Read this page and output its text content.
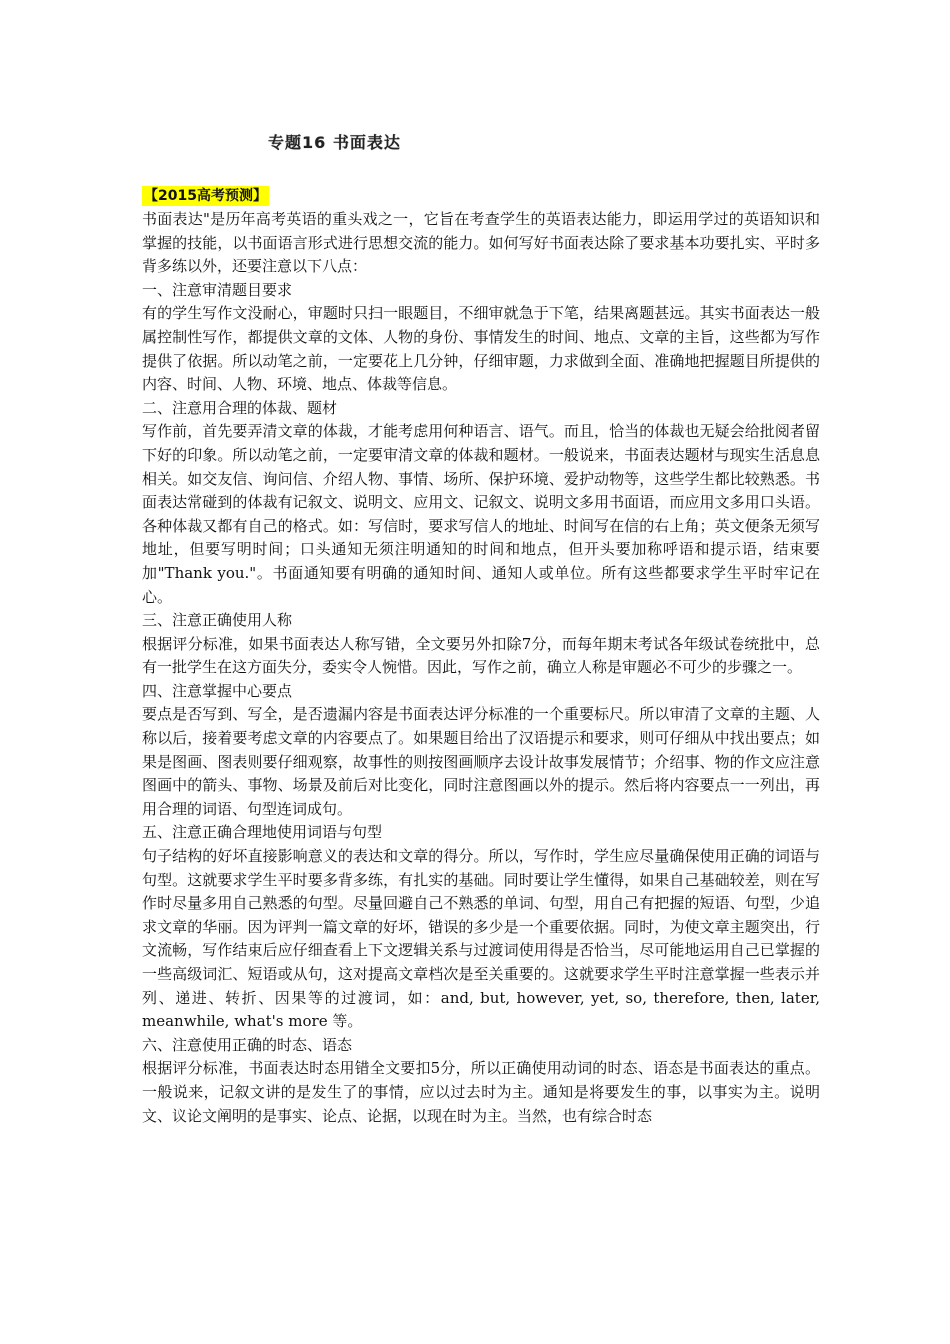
专题16 书面表达
【2015高考预测】

书面表达"是历年高考英语的重头戏之一，它旨在考查学生的英语表达能力，即运用学过的英语知识和掌握的技能，以书面语言形式进行思想交流的能力。如何写好书面表达除了要求基本功要扎实、平时多背多练以外，还要注意以下八点：

一、注意审清题目要求

有的学生写作文没耐心，审题时只扫一眼题目，不细审就急于下笔，结果离题甚远。其实书面表达一般属控制性写作，都提供文章的文体、人物的身份、事情发生的时间、地点、文章的主旨，这些都为写作提供了依据。所以动笔之前，一定要花上几分钟，仔细审题，力求做到全面、准确地把握题目所提供的内容、时间、人物、环境、地点、体裁等信息。

二、注意用合理的体裁、题材

写作前，首先要弄清文章的体裁，才能考虑用何种语言、语气。而且，恰当的体裁也无疑会给批阅者留下好的印象。所以动笔之前，一定要审清文章的体裁和题材。一般说来，书面表达题材与现实生活息息相关。如交友信、询问信、介绍人物、事情、场所、保护环境、爱护动物等，这些学生都比较熟悉。书面表达常碰到的体裁有记叙文、说明文、应用文、记叙文、说明文多用书面语，而应用文多用口头语。各种体裁又都有自己的格式。如：写信时，要求写信人的地址、时间写在信的右上角；英文便条无须写地址，但要写明时间；口头通知无须注明通知的时间和地点，但开头要加称呼语和提示语，结束要加"Thank you."。书面通知要有明确的通知时间、通知人或单位。所有这些都要求学生平时牢记在心。

三、注意正确使用人称

根据评分标准，如果书面表达人称写错，全文要另外扣除7分，而每年期末考试各年级试卷统批中，总有一批学生在这方面失分，委实令人惋惜。因此，写作之前，确立人称是审题必不可少的步骤之一。

四、注意掌握中心要点

要点是否写到、写全，是否遗漏内容是书面表达评分标准的一个重要标尺。所以审清了文章的主题、人称以后，接着要考虑文章的内容要点了。如果题目给出了汉语提示和要求，则可仔细从中找出要点；如果是图画、图表则要仔细观察，故事性的则按图画顺序去设计故事发展情节；介绍事、物的作文应注意图画中的箭头、事物、场景及前后对比变化，同时注意图画以外的提示。然后将内容要点一一列出，再用合理的词语、句型连词成句。

五、注意正确合理地使用词语与句型

句子结构的好坏直接影响意义的表达和文章的得分。所以，写作时，学生应尽量确保使用正确的词语与句型。这就要求学生平时要多背多练，有扎实的基础。同时要让学生懂得，如果自己基础较差，则在写作时尽量多用自己熟悉的句型。尽量回避自己不熟悉的单词、句型，用自己有把握的短语、句型，少追求文章的华丽。因为评判一篇文章的好坏，错误的多少是一个重要依据。同时，为使文章主题突出，行文流畅，写作结束后应仔细查看上下文逻辑关系与过渡词使用得是否恰当，尽可能地运用自己已掌握的一些高级词汇、短语或从句，这对提高文章档次是至关重要的。这就要求学生平时注意掌握一些表示并列、递进、转折、因果等的过渡词，如：and, but, however, yet, so, therefore, then, later, meanwhile, what's more 等。

六、注意使用正确的时态、语态

根据评分标准，书面表达时态用错全文要扣5分，所以正确使用动词的时态、语态是书面表达的重点。一般说来，记叙文讲的是发生了的事情，应以过去时为主。通知是将要发生的事，以事实为主。说明文、议论文阐明的是事实、论点、论据，以现在时为主。当然，也有综合时态
